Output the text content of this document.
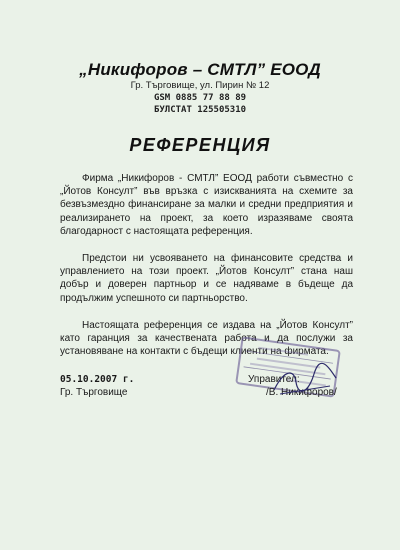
„Никифоров – СМТЛ” ЕООД
Гр. Търговище, ул. Пирин № 12
GSM 0885 77 88 89
БУЛСТАТ 125505310
РЕФЕРЕНЦИЯ

Фирма „Никифоров - СМТЛ” ЕООД работи съвместно с „Йотов Консулт” във връзка с изискванията на схемите за безвъзмездно финансиране за малки и средни предприятия и реализирането на проект, за което изразяваме своята благодарност с настоящата референция.

Предстои ни усвояването на финансовите средства и управлението на този проект. „Йотов Консулт” стана наш добър и доверен партньор и се надяваме в бъдеще да продължим успешното си партньорство.

Настоящата референция се издава на „Йотов Консулт” като гаранция за качествената работа и да послужи за установяване на контакти с бъдещи клиенти на фирмата.

05.10.2007 г.
Гр. Търговище
Управител:
/В. Никифоров/
